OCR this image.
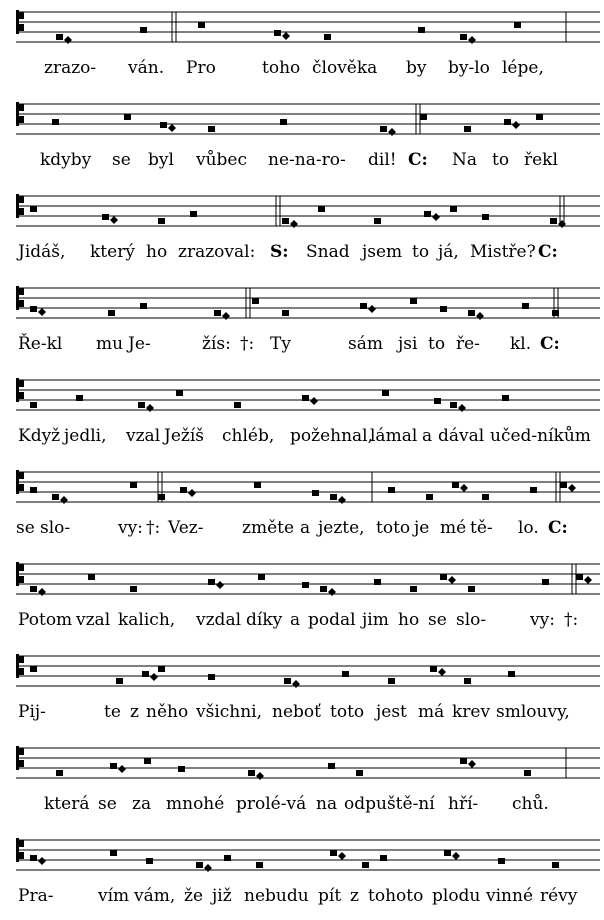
zrazo- ván. Pro	toho člověka by by-lo lépe,
kdyby se byl vůbec ne-na-ro- dil! C: Na to řekl
Jidáš, který ho zrazoval: S: Snad jsem to já, Mistře? C:
Ře-kl mu Je-	žís: †: Ty	sám jsi to ře- kl. C:
Když jedli, vzal Ježíš chléb, požehnal,
lámal a dával učed-níkům
se slo-	vy: †: Vez- změte a jezte, toto je mé tě- lo. C:
Potom vzal kalich, vzdal díky a podal jim ho se slo-	vy: †:
Pij-	te z něho všichni, neboť toto jest má krev smlouvy,
která se za mnohé prolé-vá na odpuště-ní hří- chů.
Pra-	vím vám, že již nebudu pít z tohoto plodu vinné révy
